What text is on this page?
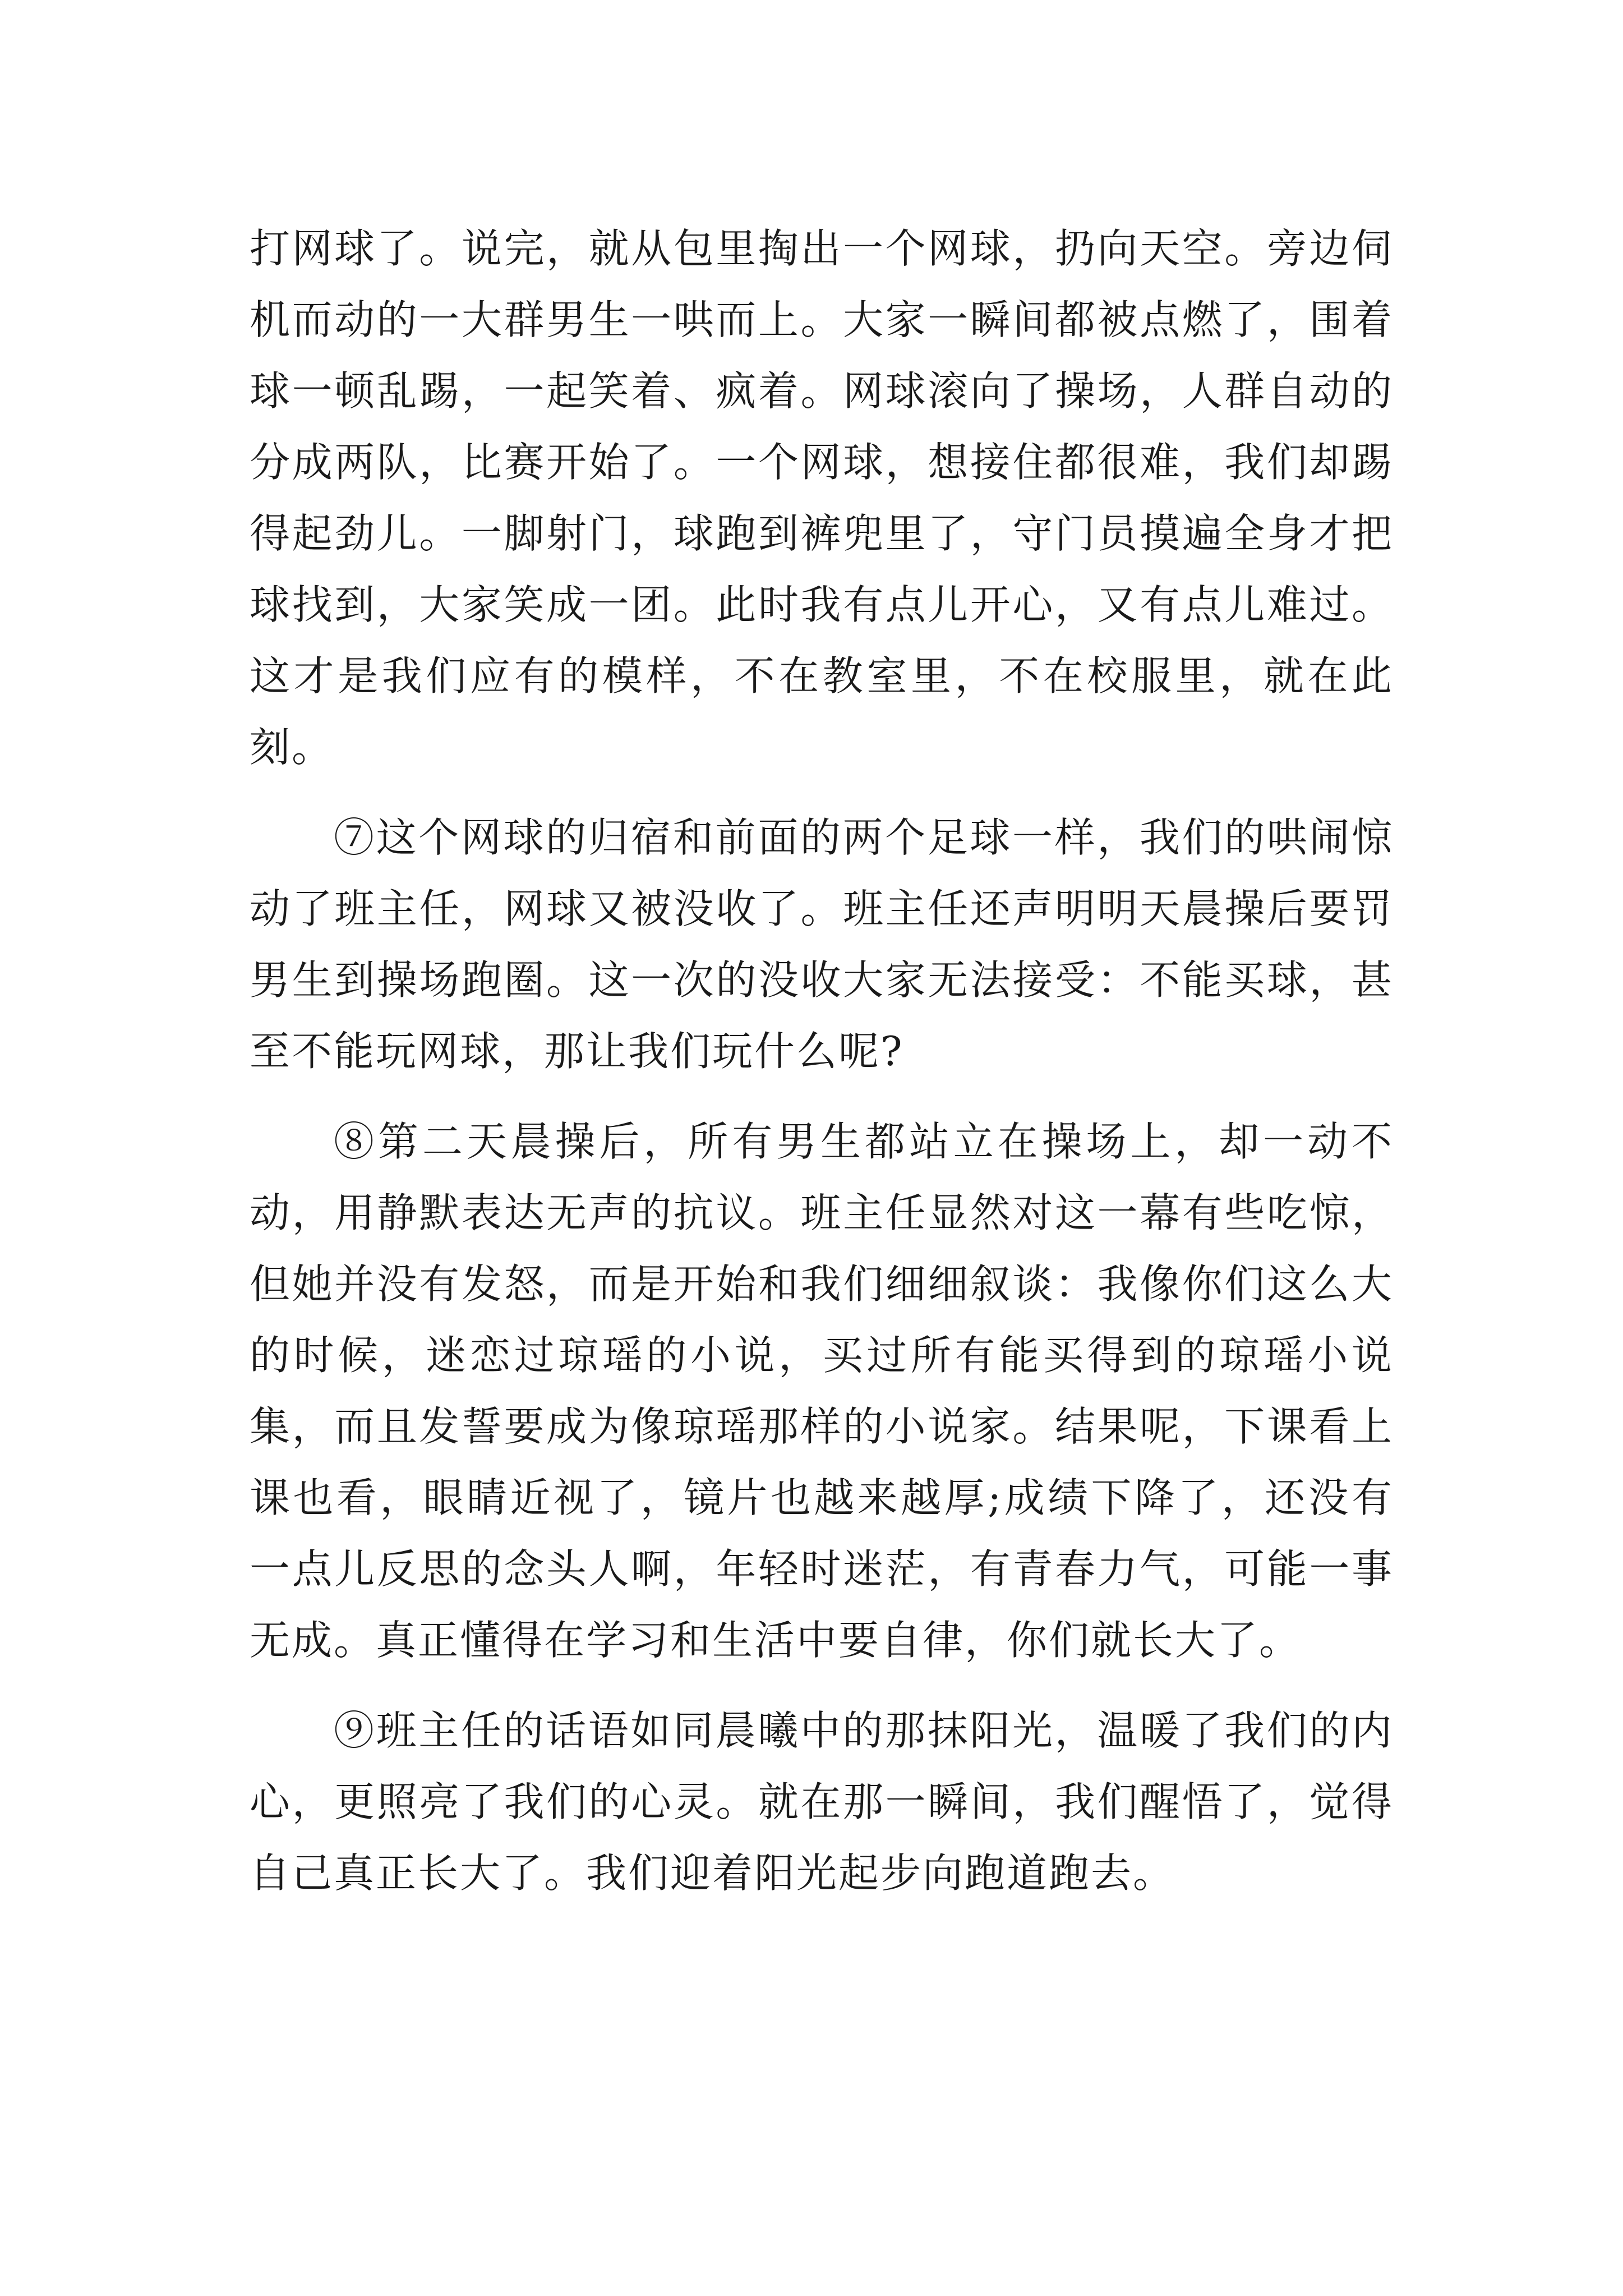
打网球了。说完，就从包里掏出一个网球，扔向天空。旁边伺机而动的一大群男生一哄而上。大家一瞬间都被点燃了，围着球一顿乱踢，一起笑着、疯着。网球滚向了操场，人群自动的分成两队，比赛开始了。一个网球，想接住都很难，我们却踢得起劲儿。一脚射门，球跑到裤兜里了，守门员摸遍全身才把球找到，大家笑成一团。此时我有点儿开心，又有点儿难过。这才是我们应有的模样，不在教室里，不在校服里，就在此刻。

⑦这个网球的归宿和前面的两个足球一样，我们的哄闹惊动了班主任，网球又被没收了。班主任还声明明天晨操后要罚男生到操场跑圈。这一次的没收大家无法接受：不能买球，甚至不能玩网球，那让我们玩什么呢?

⑧第二天晨操后，所有男生都站立在操场上，却一动不动，用静默表达无声的抗议。班主任显然对这一幕有些吃惊，但她并没有发怒，而是开始和我们细细叙谈：我像你们这么大的时候，迷恋过琼瑶的小说，买过所有能买得到的琼瑶小说集，而且发誓要成为像琼瑶那样的小说家。结果呢，下课看上课也看，眼睛近视了，镜片也越来越厚;成绩下降了，还没有一点儿反思的念头人啊，年轻时迷茫，有青春力气，可能一事无成。真正懂得在学习和生活中要自律，你们就长大了。

⑨班主任的话语如同晨曦中的那抹阳光，温暖了我们的内心，更照亮了我们的心灵。就在那一瞬间，我们醒悟了，觉得自己真正长大了。我们迎着阳光起步向跑道跑去。
